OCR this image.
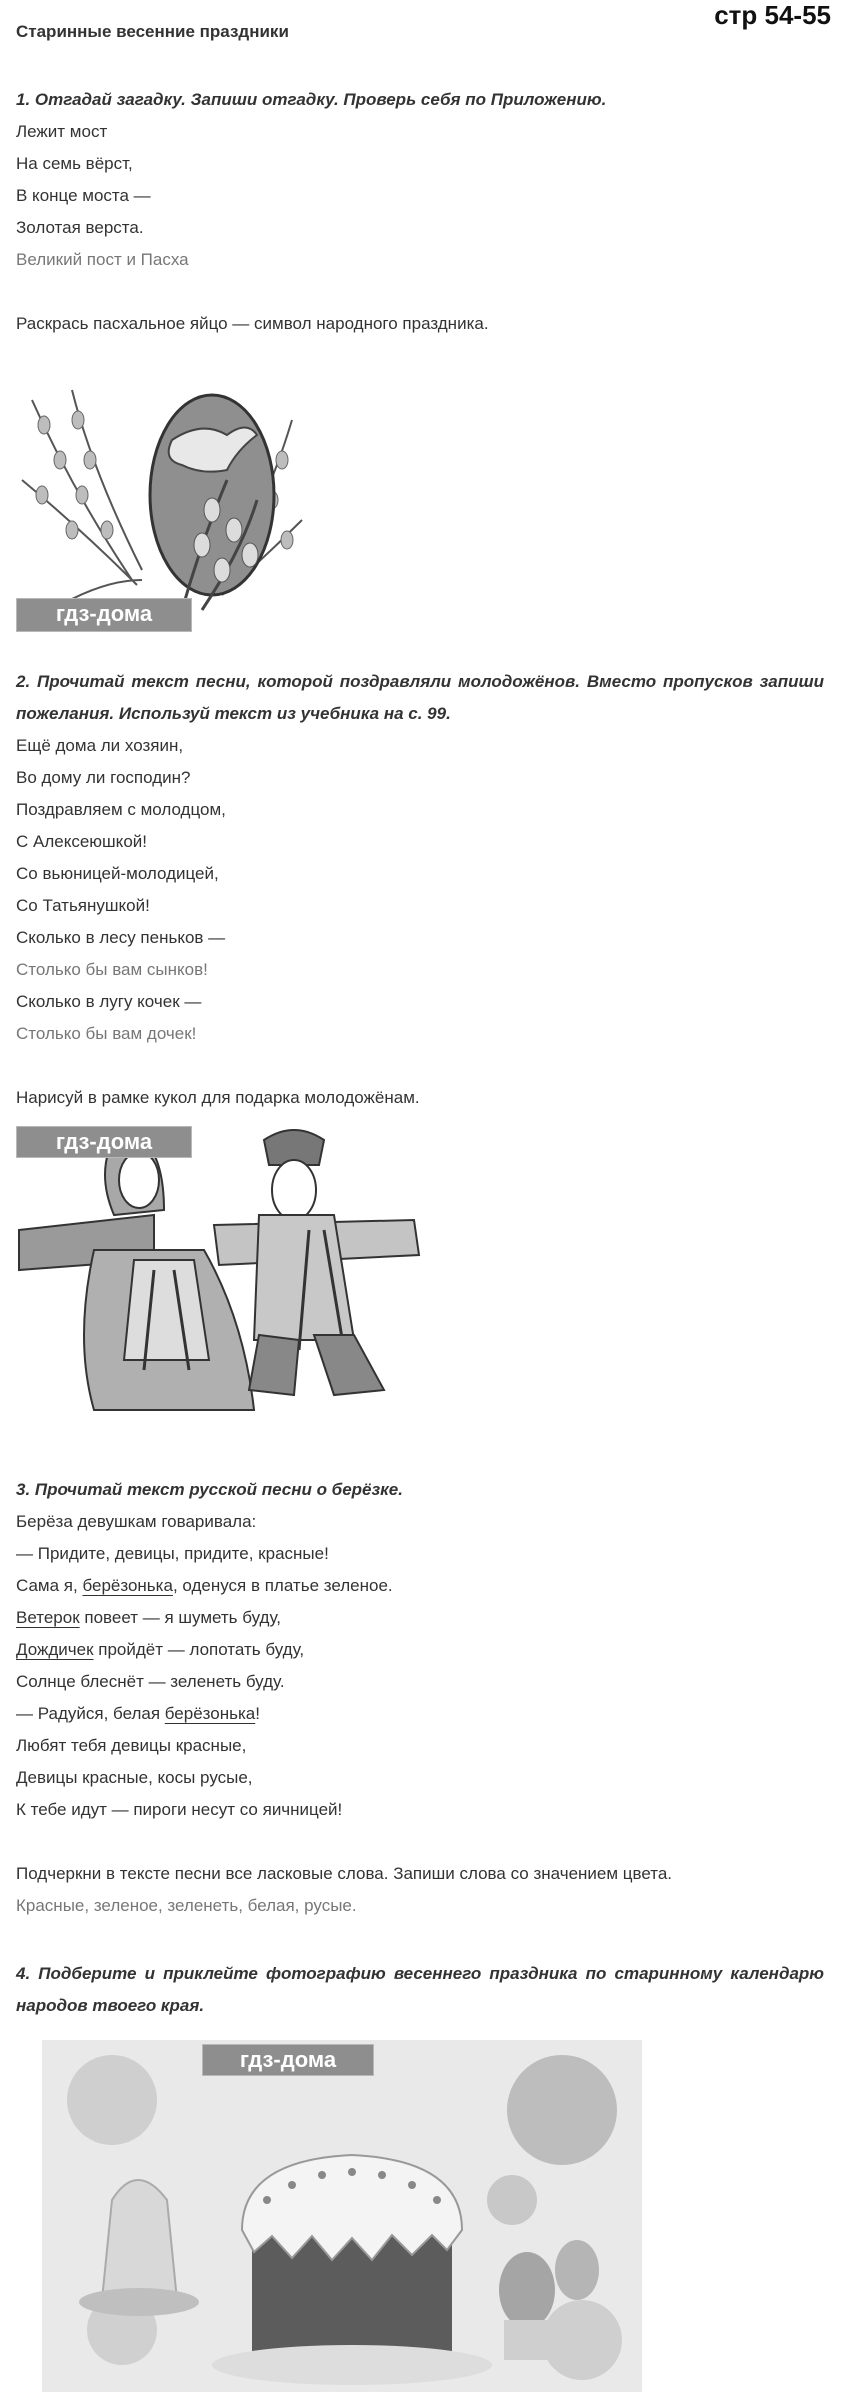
стр 54-55
Старинные весенние праздники
1. Отгадай загадку. Запиши отгадку. Проверь себя по Приложению.
Лежит мост
На семь вёрст,
В конце моста —
Золотая верста.
Великий пост и Пасха
Раскрась пасхальное яйцо — символ народного праздника.
гдз-дома
2. Прочитай текст песни, которой поздравляли молодожёнов. Вместо пропусков запиши пожелания. Используй текст из учебника на с. 99.
Ещё дома ли хозяин,
Во дому ли господин?
Поздравляем с молодцом,
С Алексеюшкой!
Со вьюницей-молодицей,
Со Татьянушкой!
Сколько в лесу пеньков —
Столько бы вам сынков!
Сколько в лугу кочек —
Столько бы вам дочек!
Нарисуй в рамке кукол для подарка молодожёнам.
гдз-дома
3. Прочитай текст русской песни о берёзке.
Берёза девушкам говаривала:
— Придите, девицы, придите, красные!
Сама я, берёзонька, оденуся в платье зеленое.
Ветерок повеет — я шуметь буду,
Дождичек пройдёт — лопотать буду,
Солнце блеснёт — зеленеть буду.
— Радуйся, белая берёзонька!
Любят тебя девицы красные,
Девицы красные, косы русые,
К тебе идут — пироги несут со яичницей!
Подчеркни в тексте песни все ласковые слова. Запиши слова со значением цвета.
Красные, зеленое, зеленеть, белая, русые.
4. Подберите и приклейте фотографию весеннего праздника по старинному календарю народов твоего края.
гдз-дома
